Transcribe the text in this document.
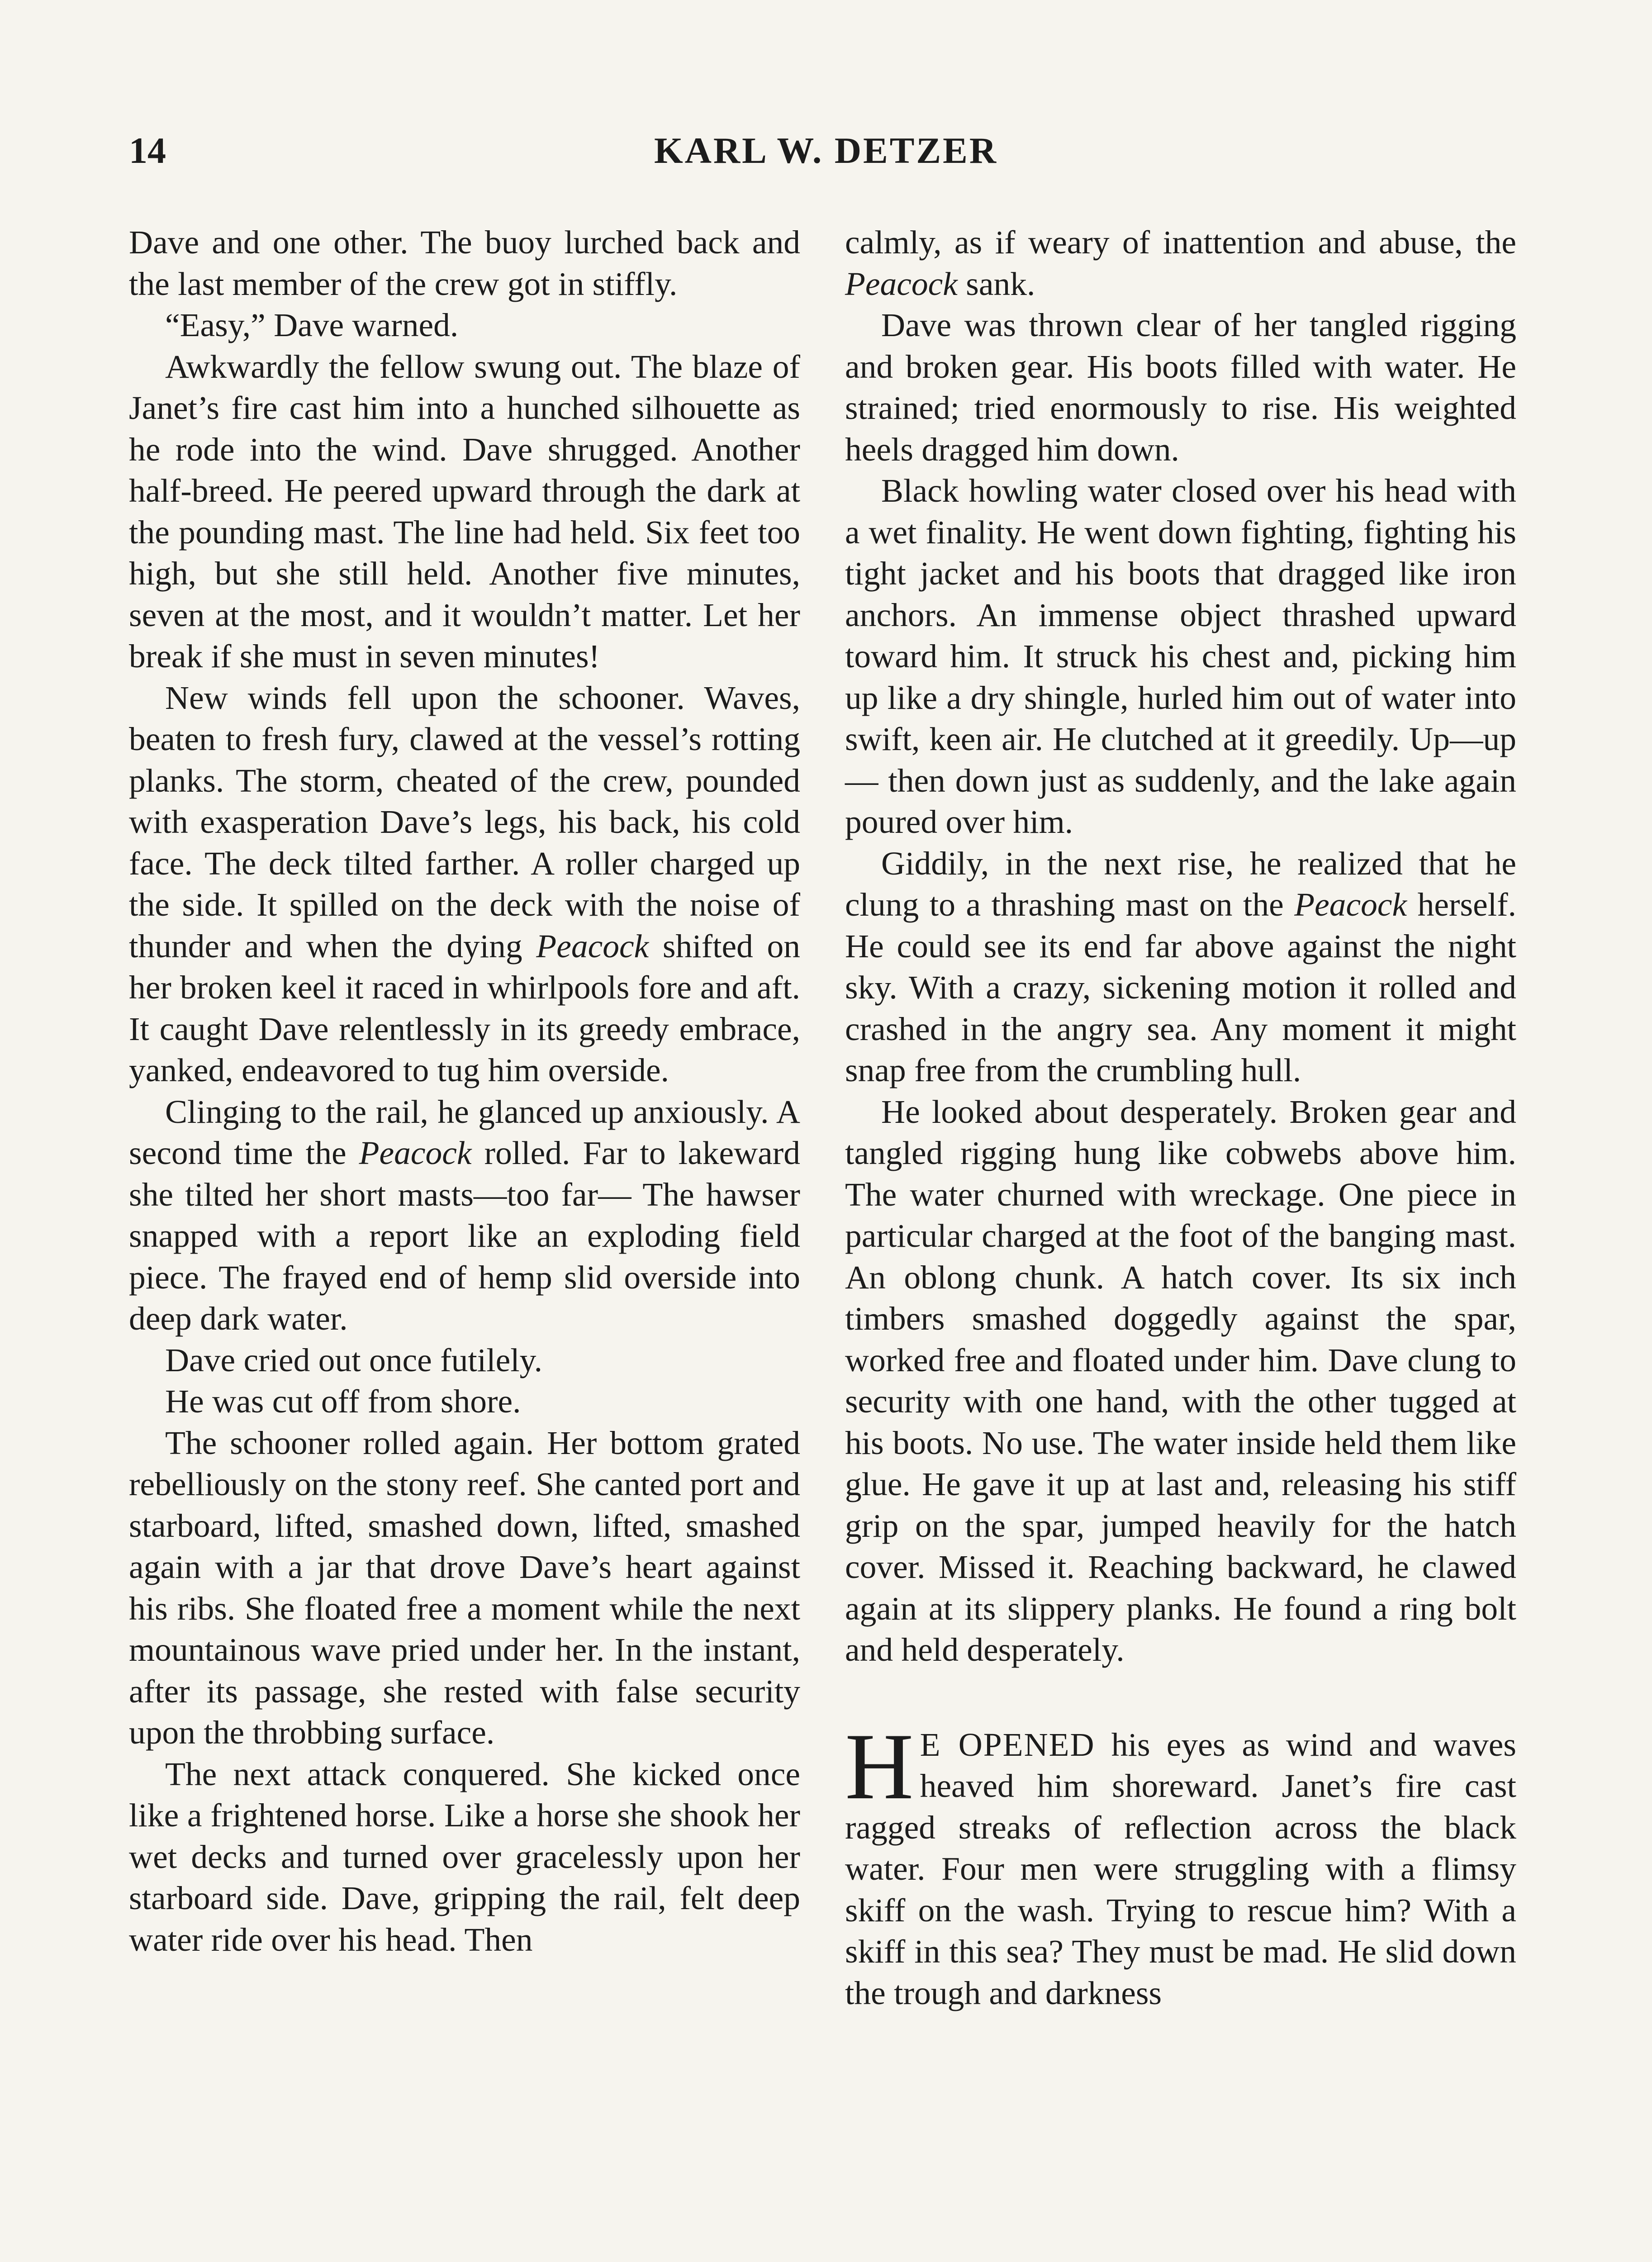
14	KARL W. DETZER

Dave and one other. The buoy lurched back and the last member of the crew got in stiffly.

“Easy,” Dave warned.

Awkwardly the fellow swung out. The blaze of Janet’s fire cast him into a hunched silhouette as he rode into the wind. Dave shrugged. Another half-breed. He peered upward through the dark at the pounding mast. The line had held. Six feet too high, but she still held. Another five minutes, seven at the most, and it wouldn’t matter. Let her break if she must in seven minutes!

New winds fell upon the schooner. Waves, beaten to fresh fury, clawed at the vessel’s rotting planks. The storm, cheated of the crew, pounded with exasperation Dave’s legs, his back, his cold face. The deck tilted farther. A roller charged up the side. It spilled on the deck with the noise of thunder and when the dying Peacock shifted on her broken keel it raced in whirlpools fore and aft. It caught Dave relentlessly in its greedy embrace, yanked, endeavored to tug him overside.

Clinging to the rail, he glanced up anxiously. A second time the Peacock rolled. Far to lakeward she tilted her short masts—too far— The hawser snapped with a report like an exploding field piece. The frayed end of hemp slid overside into deep dark water.

Dave cried out once futilely.

He was cut off from shore.

The schooner rolled again. Her bottom grated rebelliously on the stony reef. She canted port and starboard, lifted, smashed down, lifted, smashed again with a jar that drove Dave’s heart against his ribs. She floated free a moment while the next mountainous wave pried under her. In the instant, after its passage, she rested with false security upon the throbbing surface.

The next attack conquered. She kicked once like a frightened horse. Like a horse she shook her wet decks and turned over gracelessly upon her starboard side. Dave, gripping the rail, felt deep water ride over his head. Then

calmly, as if weary of inattention and abuse, the Peacock sank.

Dave was thrown clear of her tangled rigging and broken gear. His boots filled with water. He strained; tried enormously to rise. His weighted heels dragged him down.

Black howling water closed over his head with a wet finality. He went down fighting, fighting his tight jacket and his boots that dragged like iron anchors. An immense object thrashed upward toward him. It struck his chest and, picking him up like a dry shingle, hurled him out of water into swift, keen air. He clutched at it greedily. Up—up— then down just as suddenly, and the lake again poured over him.

Giddily, in the next rise, he realized that he clung to a thrashing mast on the Peacock herself. He could see its end far above against the night sky. With a crazy, sickening motion it rolled and crashed in the angry sea. Any moment it might snap free from the crumbling hull.

He looked about desperately. Broken gear and tangled rigging hung like cobwebs above him. The water churned with wreckage. One piece in particular charged at the foot of the banging mast. An oblong chunk. A hatch cover. Its six inch timbers smashed doggedly against the spar, worked free and floated under him. Dave clung to security with one hand, with the other tugged at his boots. No use. The water inside held them like glue. He gave it up at last and, releasing his stiff grip on the spar, jumped heavily for the hatch cover. Missed it. Reaching backward, he clawed again at its slippery planks. He found a ring bolt and held desperately.

H E OPENED his eyes as wind and waves heaved him shoreward. Janet’s fire cast ragged streaks of reflection across the black water. Four men were struggling with a flimsy skiff on the wash. Trying to rescue him? With a skiff in this sea? They must be mad. He slid down the trough and darkness
